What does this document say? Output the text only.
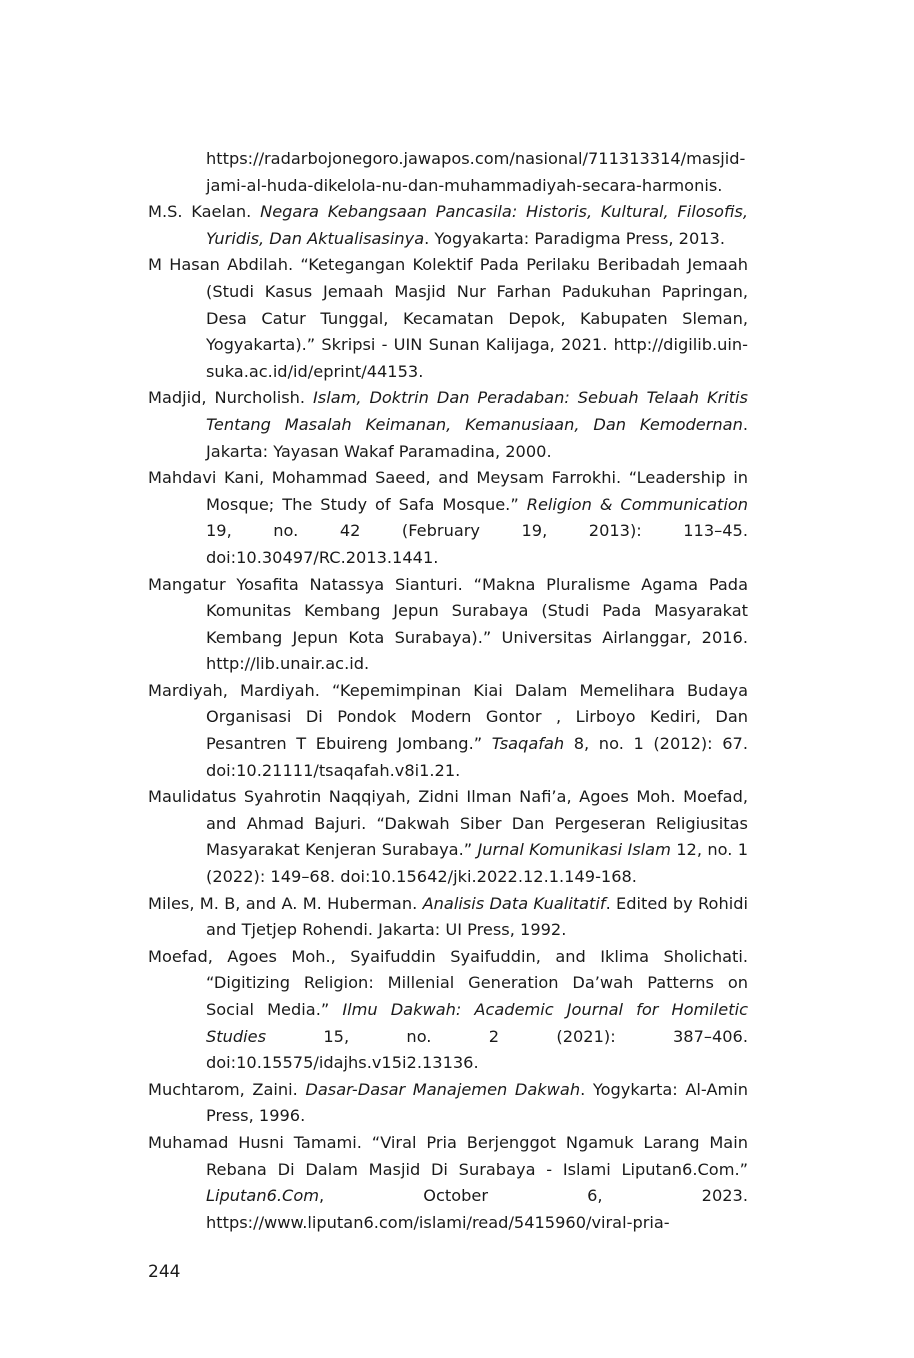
https://radarbojonegoro.jawapos.com/nasional/711313314/masjid-jami-al-huda-dikelola-nu-dan-muhammadiyah-secara-harmonis.

M.S. Kaelan. Negara Kebangsaan Pancasila: Historis, Kultural, Filosofis, Yuridis, Dan Aktualisasinya. Yogyakarta: Paradigma Press, 2013.

M Hasan Abdilah. “Ketegangan Kolektif Pada Perilaku Beribadah Jemaah (Studi Kasus Jemaah Masjid Nur Farhan Padukuhan Papringan, Desa Catur Tunggal, Kecamatan Depok, Kabupaten Sleman, Yogyakarta).” Skripsi - UIN Sunan Kalijaga, 2021. http://digilib.uin-suka.ac.id/id/eprint/44153.

Madjid, Nurcholish. Islam, Doktrin Dan Peradaban: Sebuah Telaah Kritis Tentang Masalah Keimanan, Kemanusiaan, Dan Kemodernan. Jakarta: Yayasan Wakaf Paramadina, 2000.

Mahdavi Kani, Mohammad Saeed, and Meysam Farrokhi. “Leadership in Mosque; The Study of Safa Mosque.” Religion & Communication 19, no. 42 (February 19, 2013): 113–45. doi:10.30497/RC.2013.1441.

Mangatur Yosafita Natassya Sianturi. “Makna Pluralisme Agama Pada Komunitas Kembang Jepun Surabaya (Studi Pada Masyarakat Kembang Jepun Kota Surabaya).” Universitas Airlanggar, 2016. http://lib.unair.ac.id.

Mardiyah, Mardiyah. “Kepemimpinan Kiai Dalam Memelihara Budaya Organisasi Di Pondok Modern Gontor , Lirboyo Kediri, Dan Pesantren T Ebuireng Jombang.” Tsaqafah 8, no. 1 (2012): 67. doi:10.21111/tsaqafah.v8i1.21.

Maulidatus Syahrotin Naqqiyah, Zidni Ilman Nafi’a, Agoes Moh. Moefad, and Ahmad Bajuri. “Dakwah Siber Dan Pergeseran Religiusitas Masyarakat Kenjeran Surabaya.” Jurnal Komunikasi Islam 12, no. 1 (2022): 149–68. doi:10.15642/jki.2022.12.1.149-168.

Miles, M. B, and A. M. Huberman. Analisis Data Kualitatif. Edited by Rohidi and Tjetjep Rohendi. Jakarta: UI Press, 1992.

Moefad, Agoes Moh., Syaifuddin Syaifuddin, and Iklima Sholichati. “Digitizing Religion: Millenial Generation Da’wah Patterns on Social Media.” Ilmu Dakwah: Academic Journal for Homiletic Studies 15, no. 2 (2021): 387–406. doi:10.15575/idajhs.v15i2.13136.

Muchtarom, Zaini. Dasar-Dasar Manajemen Dakwah. Yogykarta: Al-Amin Press, 1996.

Muhamad Husni Tamami. “Viral Pria Berjenggot Ngamuk Larang Main Rebana Di Dalam Masjid Di Surabaya - Islami Liputan6.Com.” Liputan6.Com, October 6, 2023. https://www.liputan6.com/islami/read/5415960/viral-pria-

244
